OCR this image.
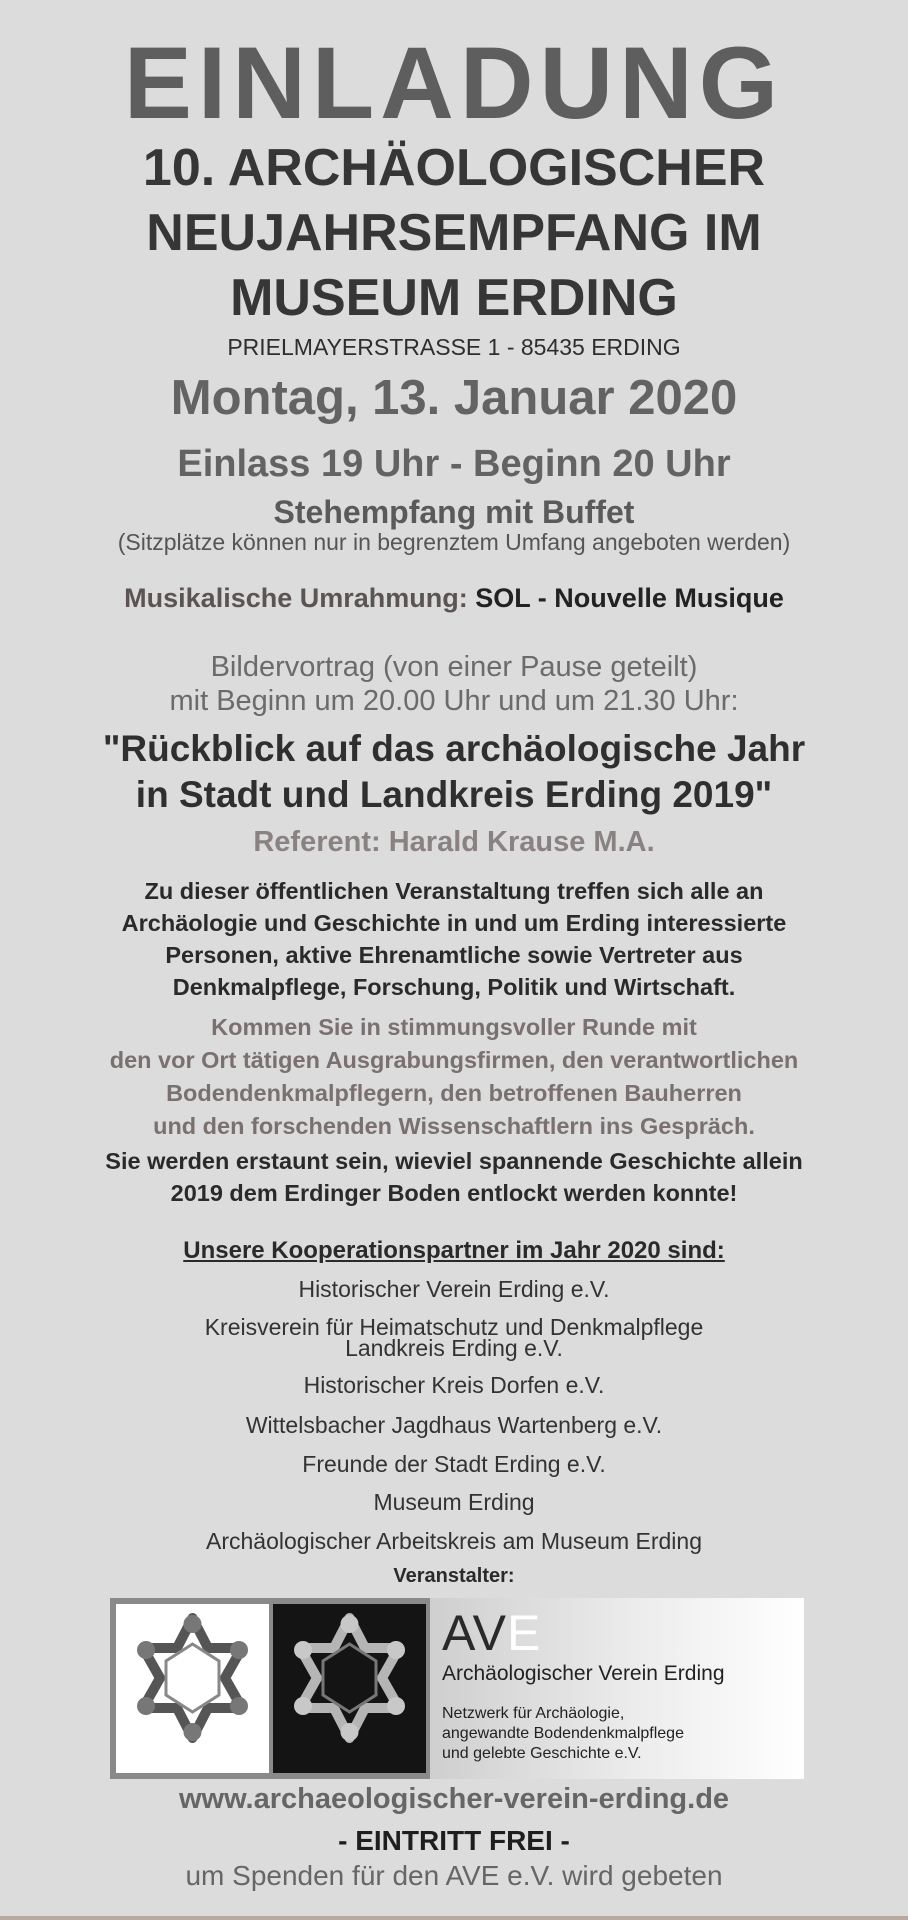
EINLADUNG
10. ARCHÄOLOGISCHER
NEUJAHRSEMPFANG IM
MUSEUM ERDING
PRIELMAYERSTRASSE 1 - 85435 ERDING
Montag, 13. Januar 2020
Einlass 19 Uhr - Beginn 20 Uhr
Stehempfang mit Buffet
(Sitzplätze können nur in begrenztem Umfang angeboten werden)
Musikalische Umrahmung: SOL - Nouvelle Musique
Bildervortrag (von einer Pause geteilt)
mit Beginn um 20.00 Uhr und um 21.30 Uhr:
"Rückblick auf das archäologische Jahr
in Stadt und Landkreis Erding 2019"
Referent: Harald Krause M.A.
Zu dieser öffentlichen Veranstaltung treffen sich alle an
Archäologie und Geschichte in und um Erding interessierte
Personen, aktive Ehrenamtliche sowie Vertreter aus
Denkmalpflege, Forschung, Politik und Wirtschaft.
Kommen Sie in stimmungsvoller Runde mit
den vor Ort tätigen Ausgrabungsfirmen, den verantwortlichen
Bodendenkmalpflegern, den betroffenen Bauherren
und den forschenden Wissenschaftlern ins Gespräch.
Sie werden erstaunt sein, wieviel spannende Geschichte allein
2019 dem Erdinger Boden entlockt werden konnte!
Unsere Kooperationspartner im Jahr 2020 sind:
Historischer Verein Erding e.V.
Kreisverein für Heimatschutz und Denkmalpflege
Landkreis Erding e.V.
Historischer Kreis Dorfen e.V.
Wittelsbacher Jagdhaus Wartenberg e.V.
Freunde der Stadt Erding e.V.
Museum Erding
Archäologischer Arbeitskreis am Museum Erding
Veranstalter:
AVE
Archäologischer Verein Erding
Netzwerk für Archäologie,
angewandte Bodendenkmalpflege
und gelebte Geschichte e.V.
www.archaeologischer-verein-erding.de
- EINTRITT FREI -
um Spenden für den AVE e.V. wird gebeten
